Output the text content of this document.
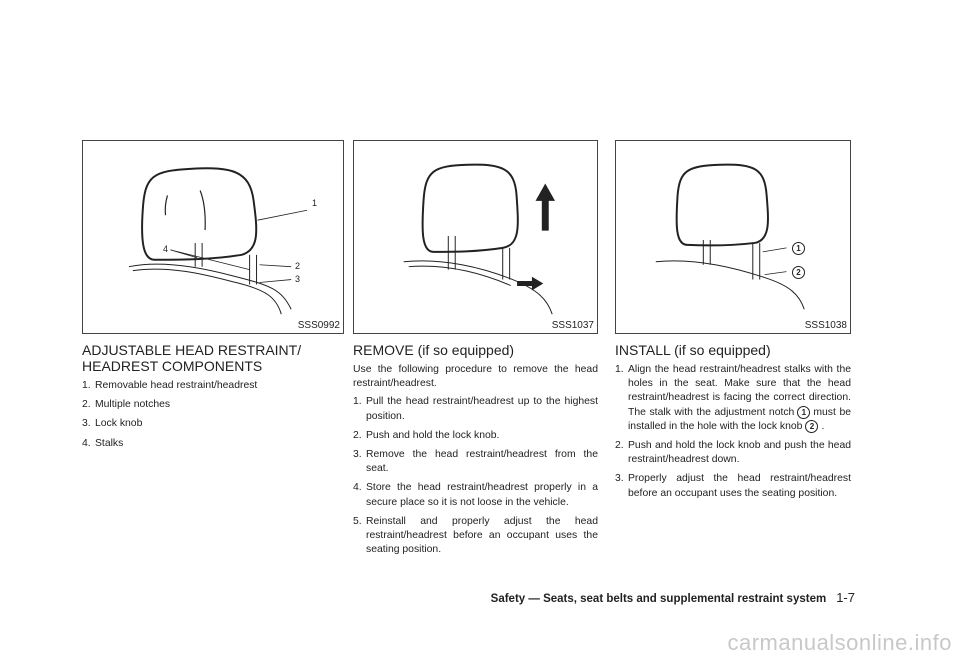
1
2
3
4
SSS0992	SSS1037
1
2
SSS1038
ADJUSTABLE HEAD RESTRAINT/ HEADREST COMPONENTS
1. Removable head restraint/headrest
2. Multiple notches
3. Lock knob
4. Stalks
REMOVE (if so equipped)
Use the following procedure to remove the head restraint/headrest.
1. Pull the head restraint/headrest up to the highest position.
2. Push and hold the lock knob.
3. Remove the head restraint/headrest from the seat.
4. Store the head restraint/headrest properly in a secure place so it is not loose in the vehicle.
5. Reinstall and properly adjust the head restraint/headrest before an occupant uses the seating position.
INSTALL (if so equipped)
1. Align the head restraint/headrest stalks with the holes in the seat. Make sure that the head restraint/headrest is facing the correct direction. The stalk with the adjustment notch 1 must be installed in the hole with the lock knob 2 .
2. Push and hold the lock knob and push the head restraint/headrest down.
3. Properly adjust the head restraint/headrest before an occupant uses the seating position.
Safety — Seats, seat belts and supplemental restraint system 1-7
carmanualsonline.info
